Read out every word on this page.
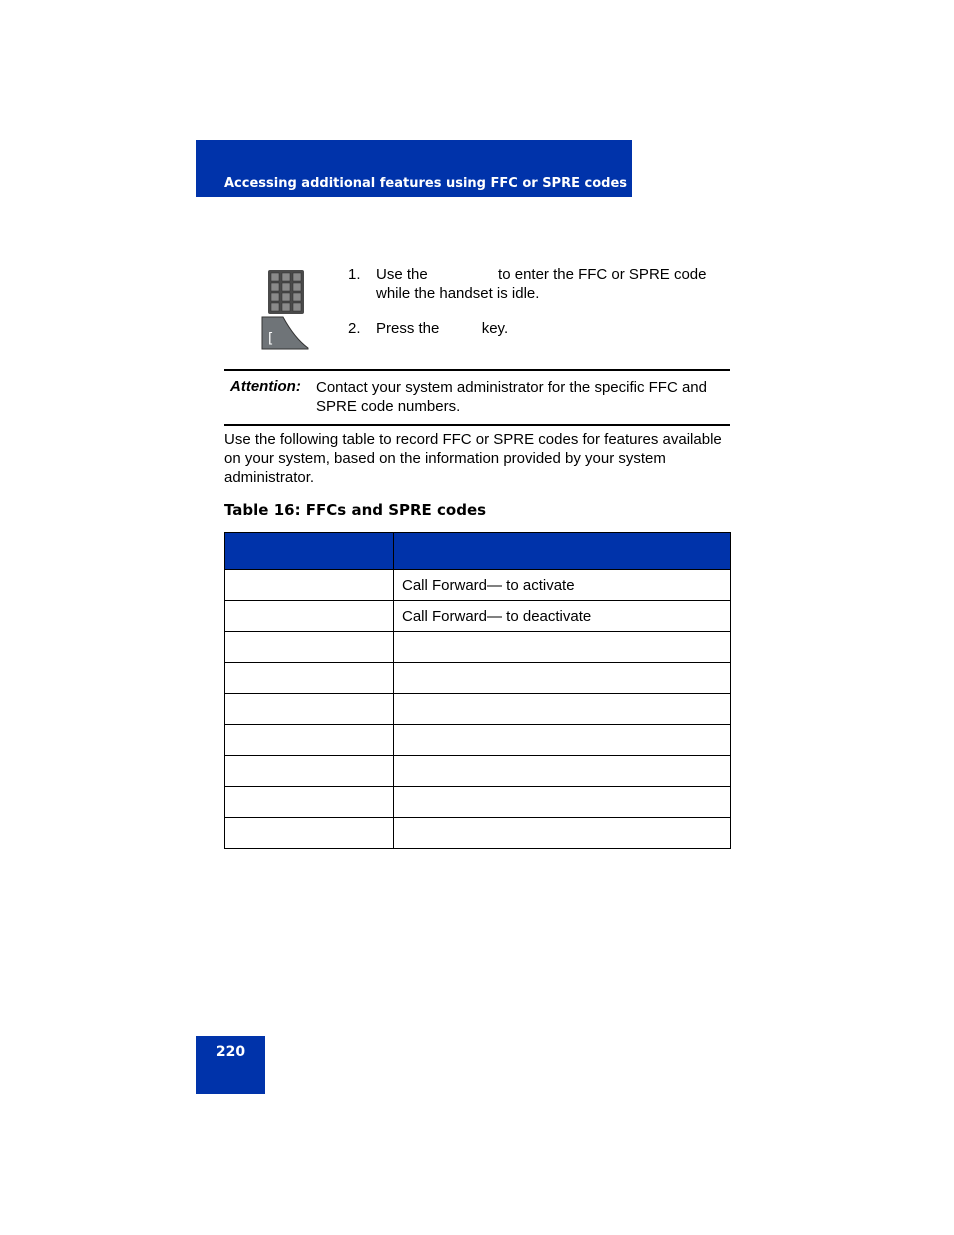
Accessing additional features using FFC or SPRE codes
[
1. Use the	to enter the FFC or SPRE code
while the handset is idle.
2. Press the	key.
Attention: Contact your system administrator for the specific FFC and SPRE code numbers.
Use the following table to record FFC or SPRE codes for features available on your system, based on the information provided by your system administrator.
Table 16: FFCs and SPRE codes

	Call Forward— to activate
	Call Forward— to deactivate

220
